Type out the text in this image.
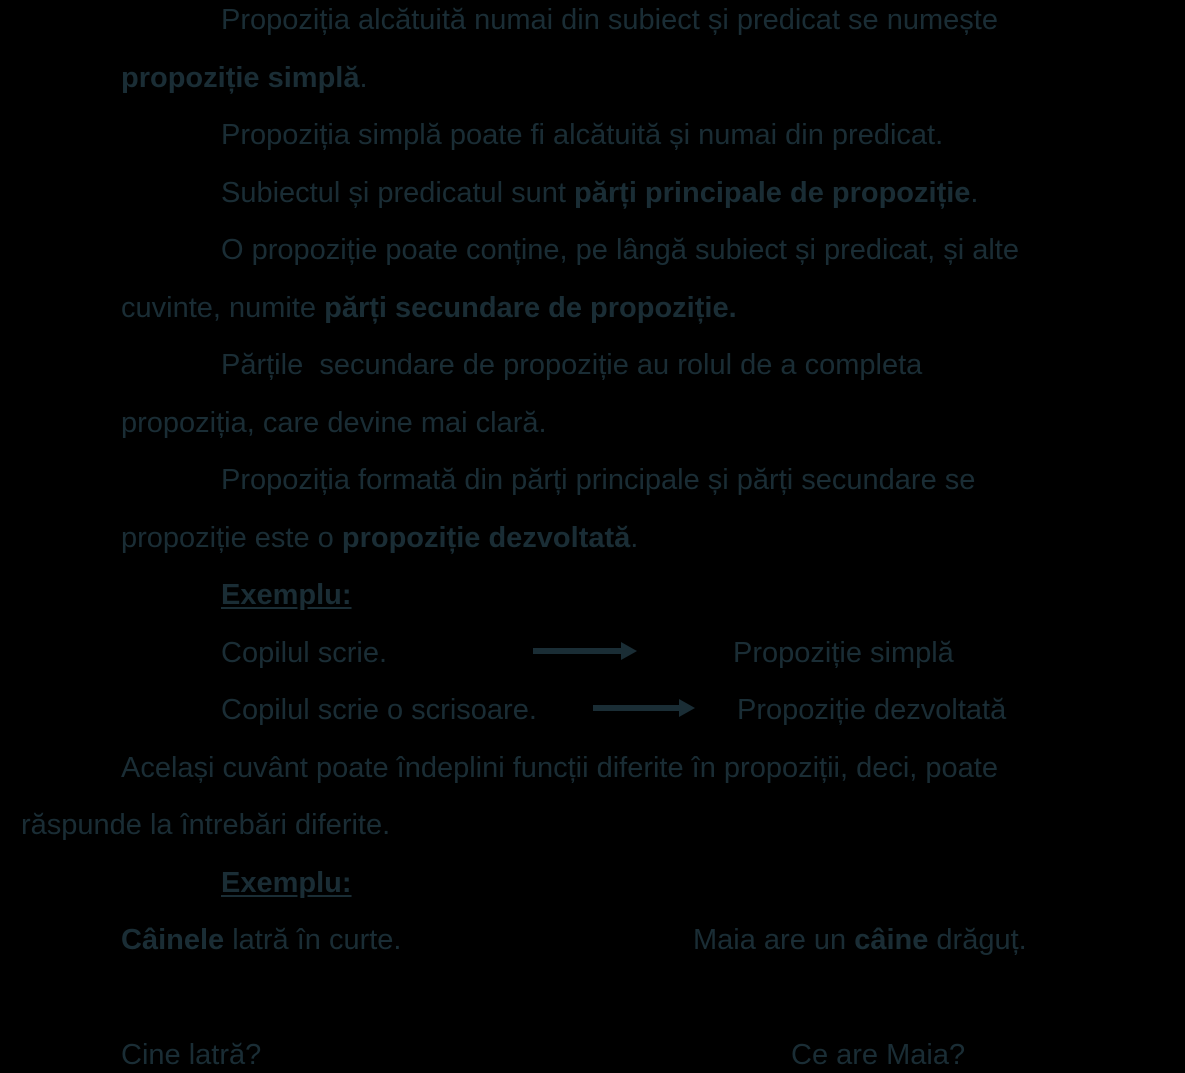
Propoziția alcătuită numai din subiect și predicat se numește
propoziție simplă.
Propoziția simplă poate fi alcătuită și numai din predicat.
Subiectul și predicatul sunt părți principale de propoziție.
O propoziție poate conține, pe lângă subiect și predicat, și alte
cuvinte, numite părți secundare de propoziție.
Părțile  secundare de propoziție au rolul de a completa
propoziția, care devine mai clară.
Propoziția formată din părți principale și părți secundare se
propoziție este o propoziție dezvoltată.
Exemplu:
Copilul scrie.	Propoziție simplă
Copilul scrie o scrisoare.	Propoziție dezvoltată
Același cuvânt poate îndeplini funcții diferite în propoziții, deci, poate
răspunde la întrebări diferite.
Exemplu:
Câinele latră în curte.	Maia are un câine drăguț.
Cine latră?	Ce are Maia?
